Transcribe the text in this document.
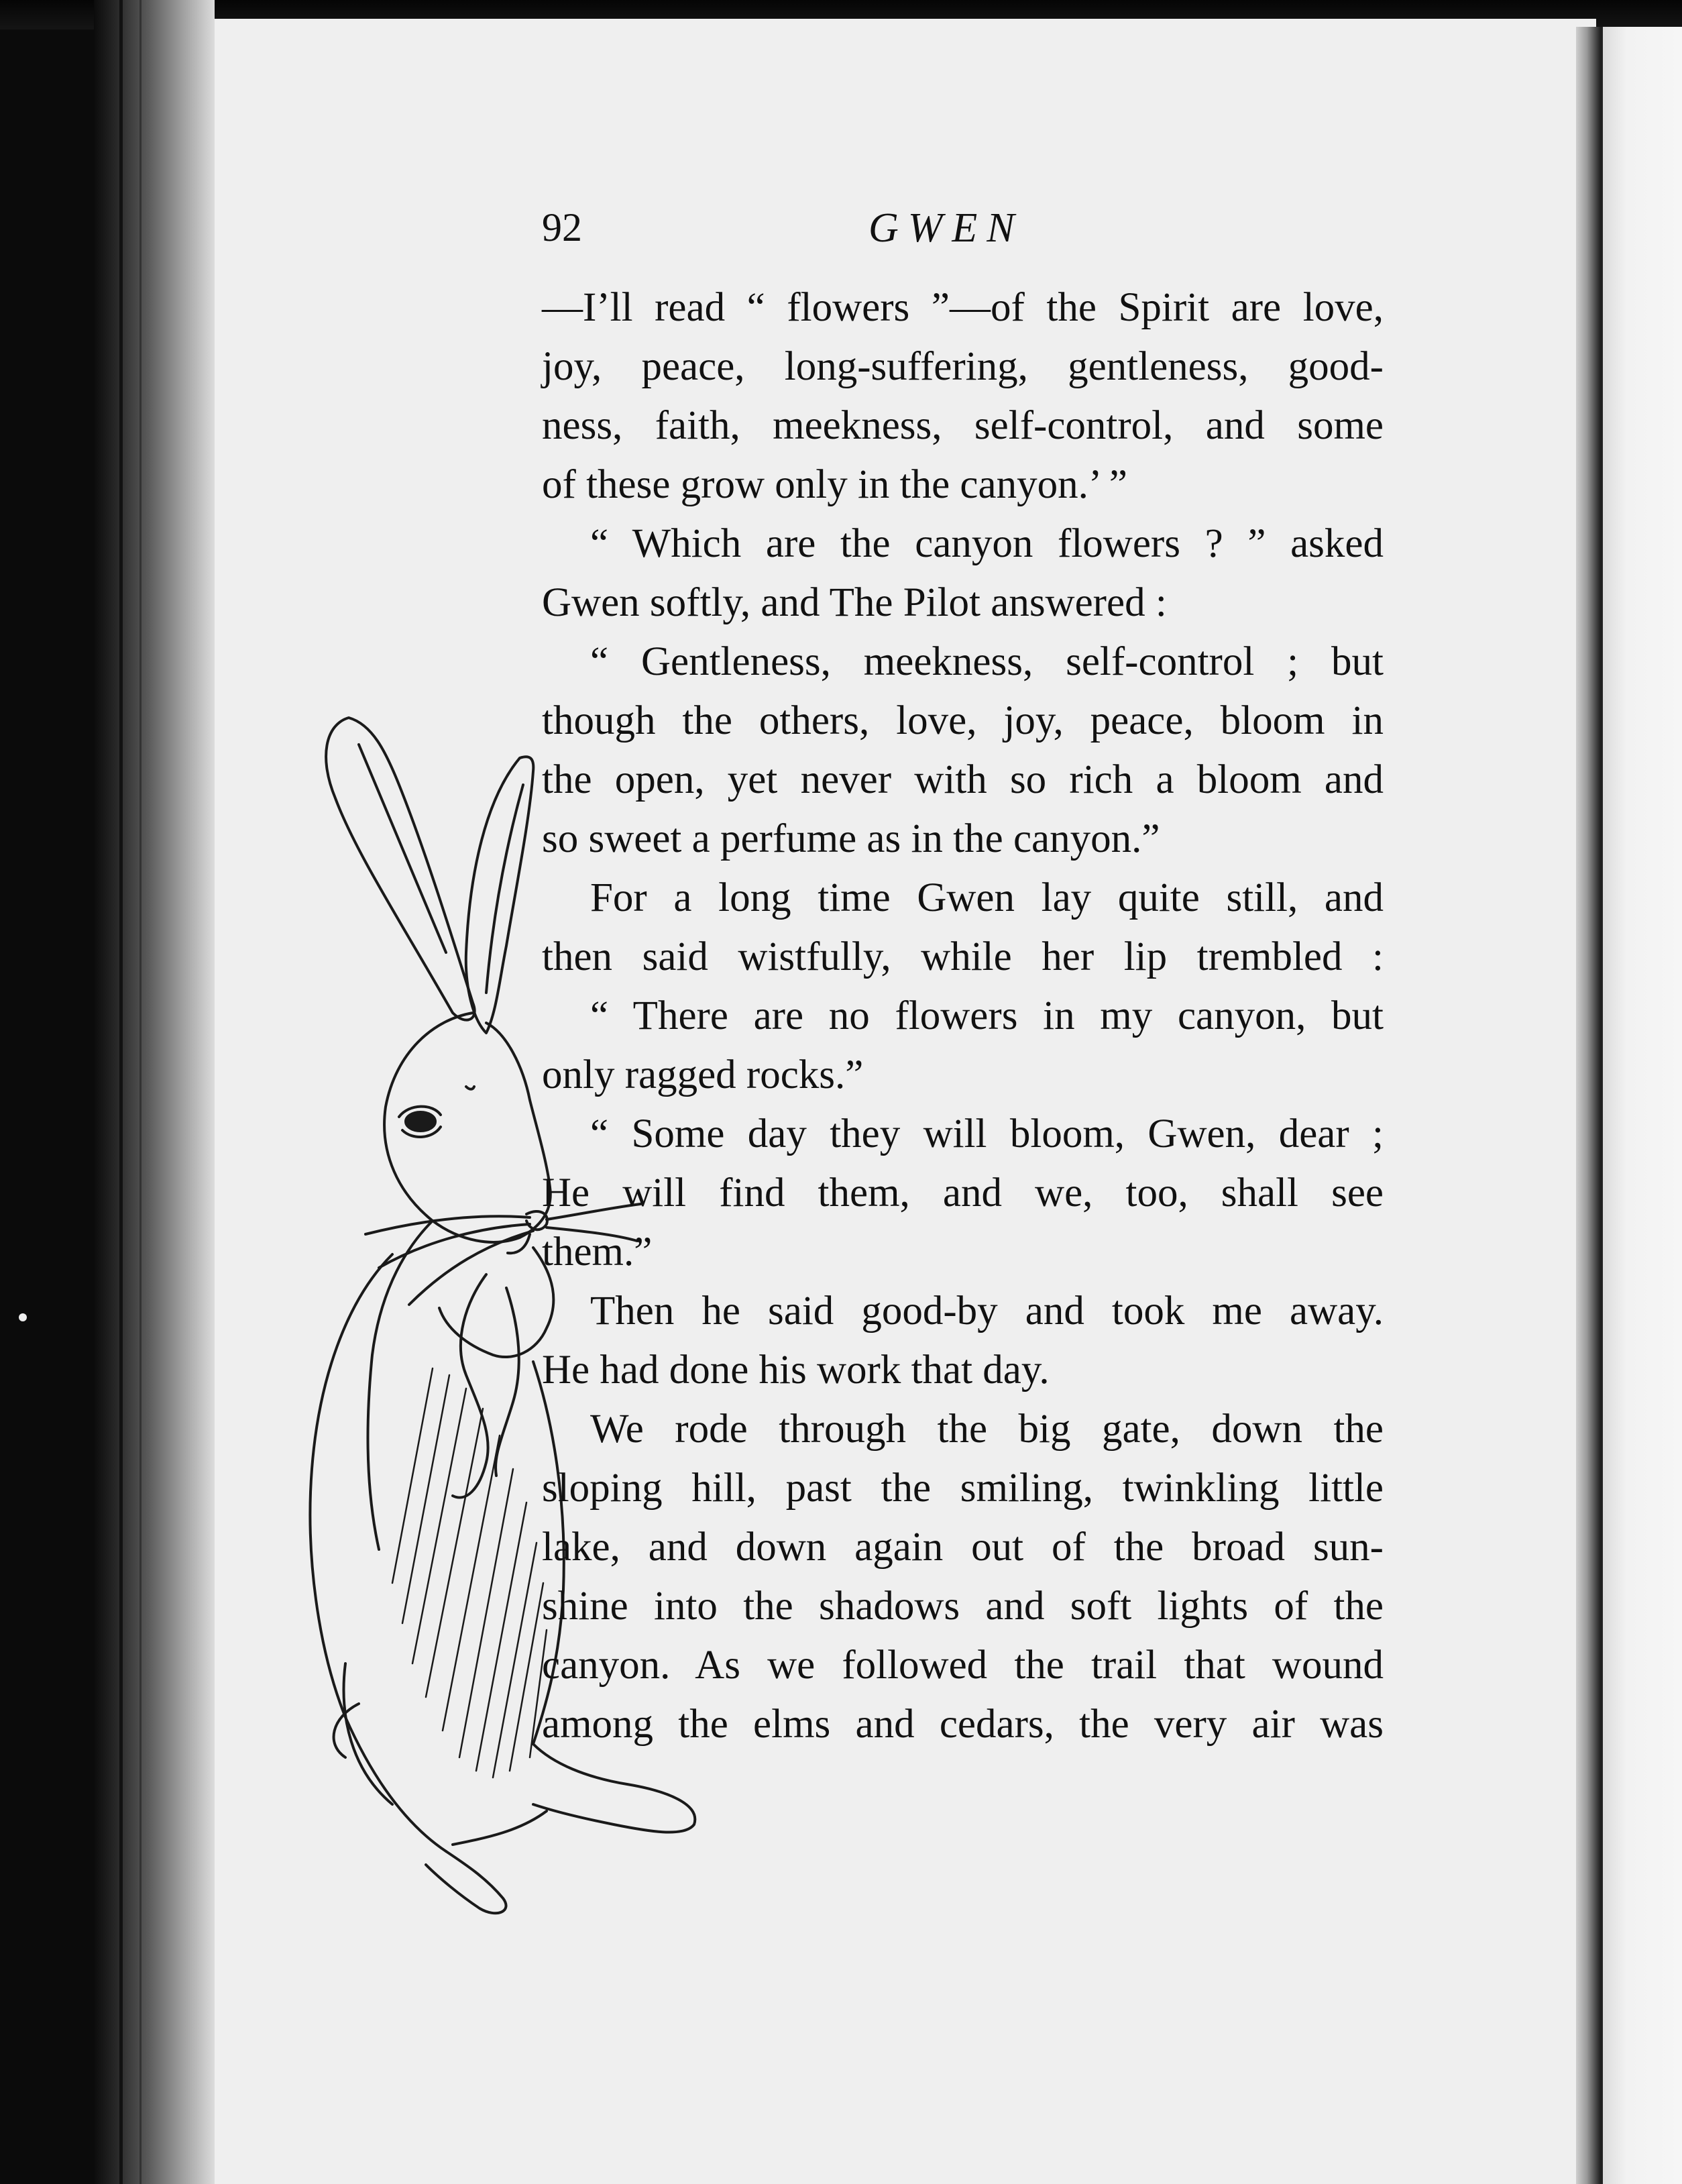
92	GWEN
—I’ll read “ flowers ”—of the Spirit are love,
joy, peace, long-suffering, gentleness, good-
ness, faith, meekness, self-control, and some
of these grow only in the canyon.’ ”
“ Which are the canyon flowers ? ” asked
Gwen softly, and The Pilot answered :
“ Gentleness, meekness, self-control ; but
though the others, love, joy, peace, bloom in
the open, yet never with so rich a bloom and
so sweet a perfume as in the canyon.”
For a long time Gwen lay quite still, and
then said wistfully, while her lip trembled :
“ There are no flowers in my canyon, but
only ragged rocks.”
“ Some day they will bloom, Gwen, dear ;
He will find them, and we, too, shall see
them.”
Then he said good-by and took me away.
He had done his work that day.
We rode through the big gate, down the
sloping hill, past the smiling, twinkling little
lake, and down again out of the broad sun-
shine into the shadows and soft lights of the
canyon. As we followed the trail that wound
among the elms and cedars, the very air was
